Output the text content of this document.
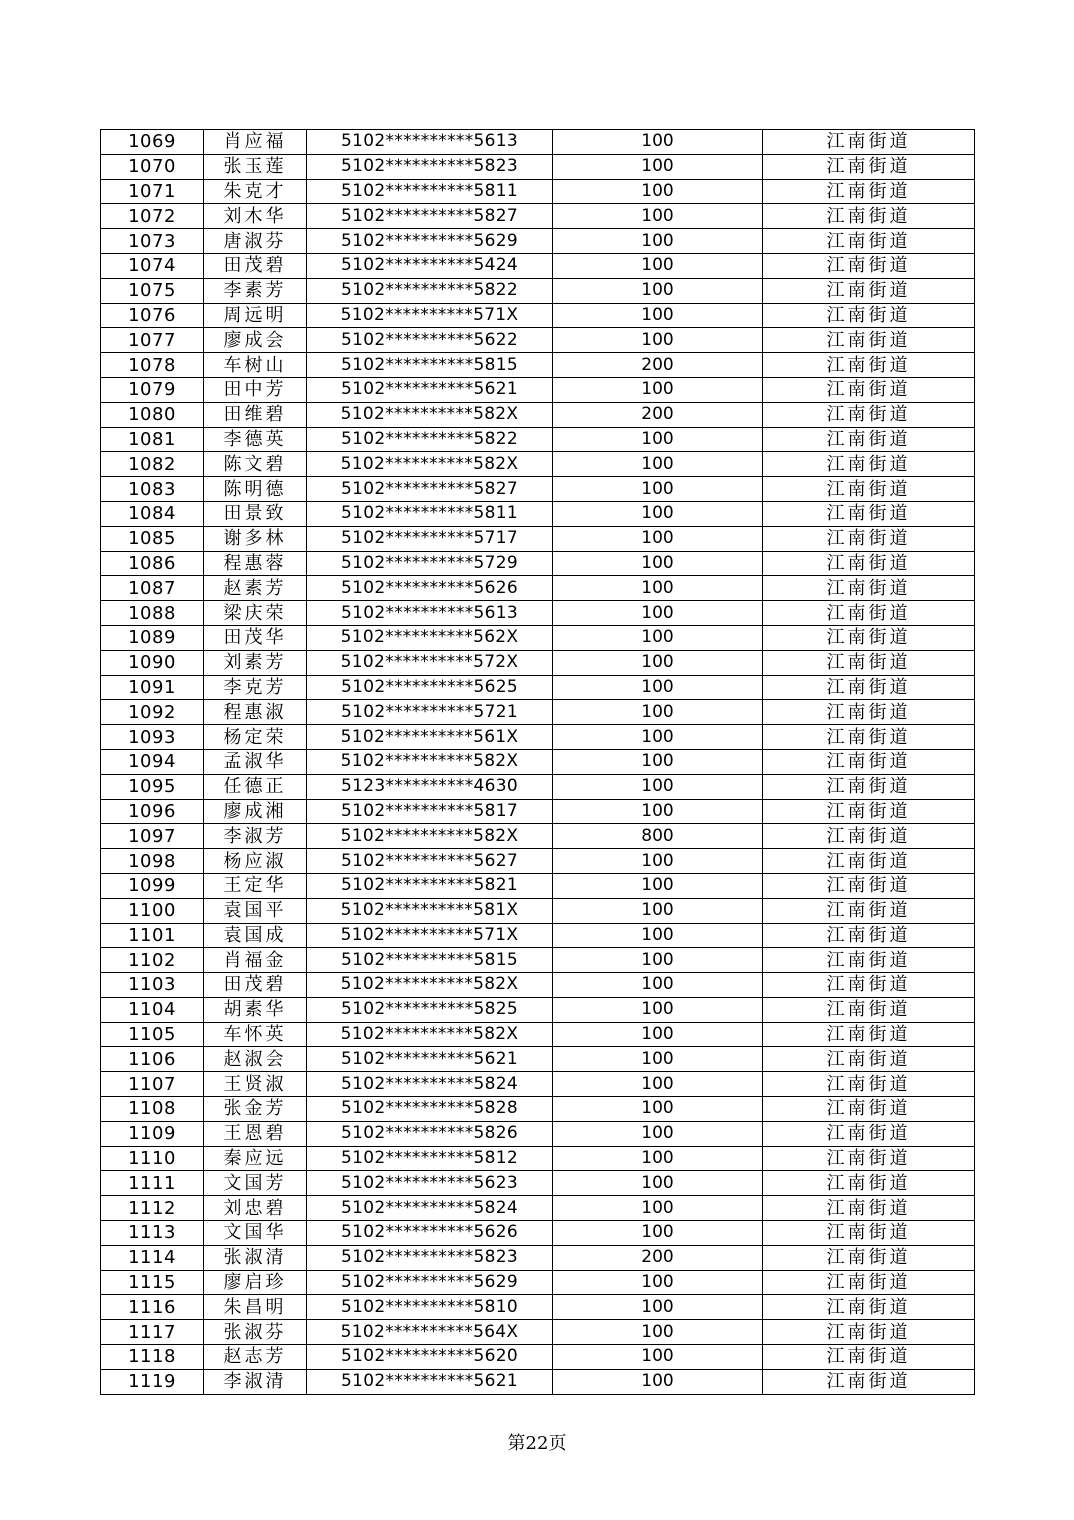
1069	肖应福	5102**********5613	100	江南街道
1070	张玉莲	5102**********5823	100	江南街道
1071	朱克才	5102**********5811	100	江南街道
1072	刘木华	5102**********5827	100	江南街道
1073	唐淑芬	5102**********5629	100	江南街道
1074	田茂碧	5102**********5424	100	江南街道
1075	李素芳	5102**********5822	100	江南街道
1076	周远明	5102**********571X	100	江南街道
1077	廖成会	5102**********5622	100	江南街道
1078	车树山	5102**********5815	200	江南街道
1079	田中芳	5102**********5621	100	江南街道
1080	田维碧	5102**********582X	200	江南街道
1081	李德英	5102**********5822	100	江南街道
1082	陈文碧	5102**********582X	100	江南街道
1083	陈明德	5102**********5827	100	江南街道
1084	田景致	5102**********5811	100	江南街道
1085	谢多林	5102**********5717	100	江南街道
1086	程惠蓉	5102**********5729	100	江南街道
1087	赵素芳	5102**********5626	100	江南街道
1088	梁庆荣	5102**********5613	100	江南街道
1089	田茂华	5102**********562X	100	江南街道
1090	刘素芳	5102**********572X	100	江南街道
1091	李克芳	5102**********5625	100	江南街道
1092	程惠淑	5102**********5721	100	江南街道
1093	杨定荣	5102**********561X	100	江南街道
1094	孟淑华	5102**********582X	100	江南街道
1095	任德正	5123**********4630	100	江南街道
1096	廖成湘	5102**********5817	100	江南街道
1097	李淑芳	5102**********582X	800	江南街道
1098	杨应淑	5102**********5627	100	江南街道
1099	王定华	5102**********5821	100	江南街道
1100	袁国平	5102**********581X	100	江南街道
1101	袁国成	5102**********571X	100	江南街道
1102	肖福金	5102**********5815	100	江南街道
1103	田茂碧	5102**********582X	100	江南街道
1104	胡素华	5102**********5825	100	江南街道
1105	车怀英	5102**********582X	100	江南街道
1106	赵淑会	5102**********5621	100	江南街道
1107	王贤淑	5102**********5824	100	江南街道
1108	张金芳	5102**********5828	100	江南街道
1109	王恩碧	5102**********5826	100	江南街道
1110	秦应远	5102**********5812	100	江南街道
1111	文国芳	5102**********5623	100	江南街道
1112	刘忠碧	5102**********5824	100	江南街道
1113	文国华	5102**********5626	100	江南街道
1114	张淑清	5102**********5823	200	江南街道
1115	廖启珍	5102**********5629	100	江南街道
1116	朱昌明	5102**********5810	100	江南街道
1117	张淑芬	5102**********564X	100	江南街道
1118	赵志芳	5102**********5620	100	江南街道
1119	李淑清	5102**********5621	100	江南街道
第22页
